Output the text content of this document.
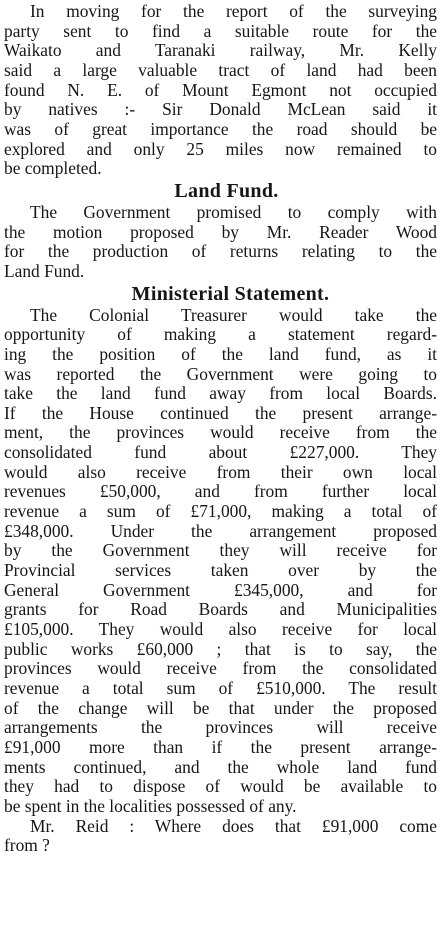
In moving for the report of the surveying
party sent to find a suitable route for the
Waikato and Taranaki railway, Mr. Kelly
said a large valuable tract of land had been
found N. E. of Mount Egmont not occupied
by natives :- Sir Donald McLean said it
was of great importance the road should be
explored and only 25 miles now remained to
be completed.

Land Fund.

The Government promised to comply with
the motion proposed by Mr. Reader Wood
for the production of returns relating to the
Land Fund.

Ministerial Statement.

The Colonial Treasurer would take the
opportunity of making a statement regard-
ing the position of the land fund, as it
was reported the Government were going to
take the land fund away from local Boards.
If the House continued the present arrange-
ment, the provinces would receive from the
consolidated fund about £227,000. They
would also receive from their own local
revenues £50,000, and from further local
revenue a sum of £71,000, making a total of
£348,000. Under the arrangement proposed
by the Government they will receive for
Provincial services taken over by the
General Government £345,000, and for
grants for Road Boards and Municipalities
£105,000. They would also receive for local
public works £60,000 ; that is to say, the
provinces would receive from the consolidated
revenue a total sum of £510,000. The result
of the change will be that under the proposed
arrangements the provinces will receive
£91,000 more than if the present arrange-
ments continued, and the whole land fund
they had to dispose of would be available to
be spent in the localities possessed of any.

Mr. Reid : Where does that £91,000 come
from ?
